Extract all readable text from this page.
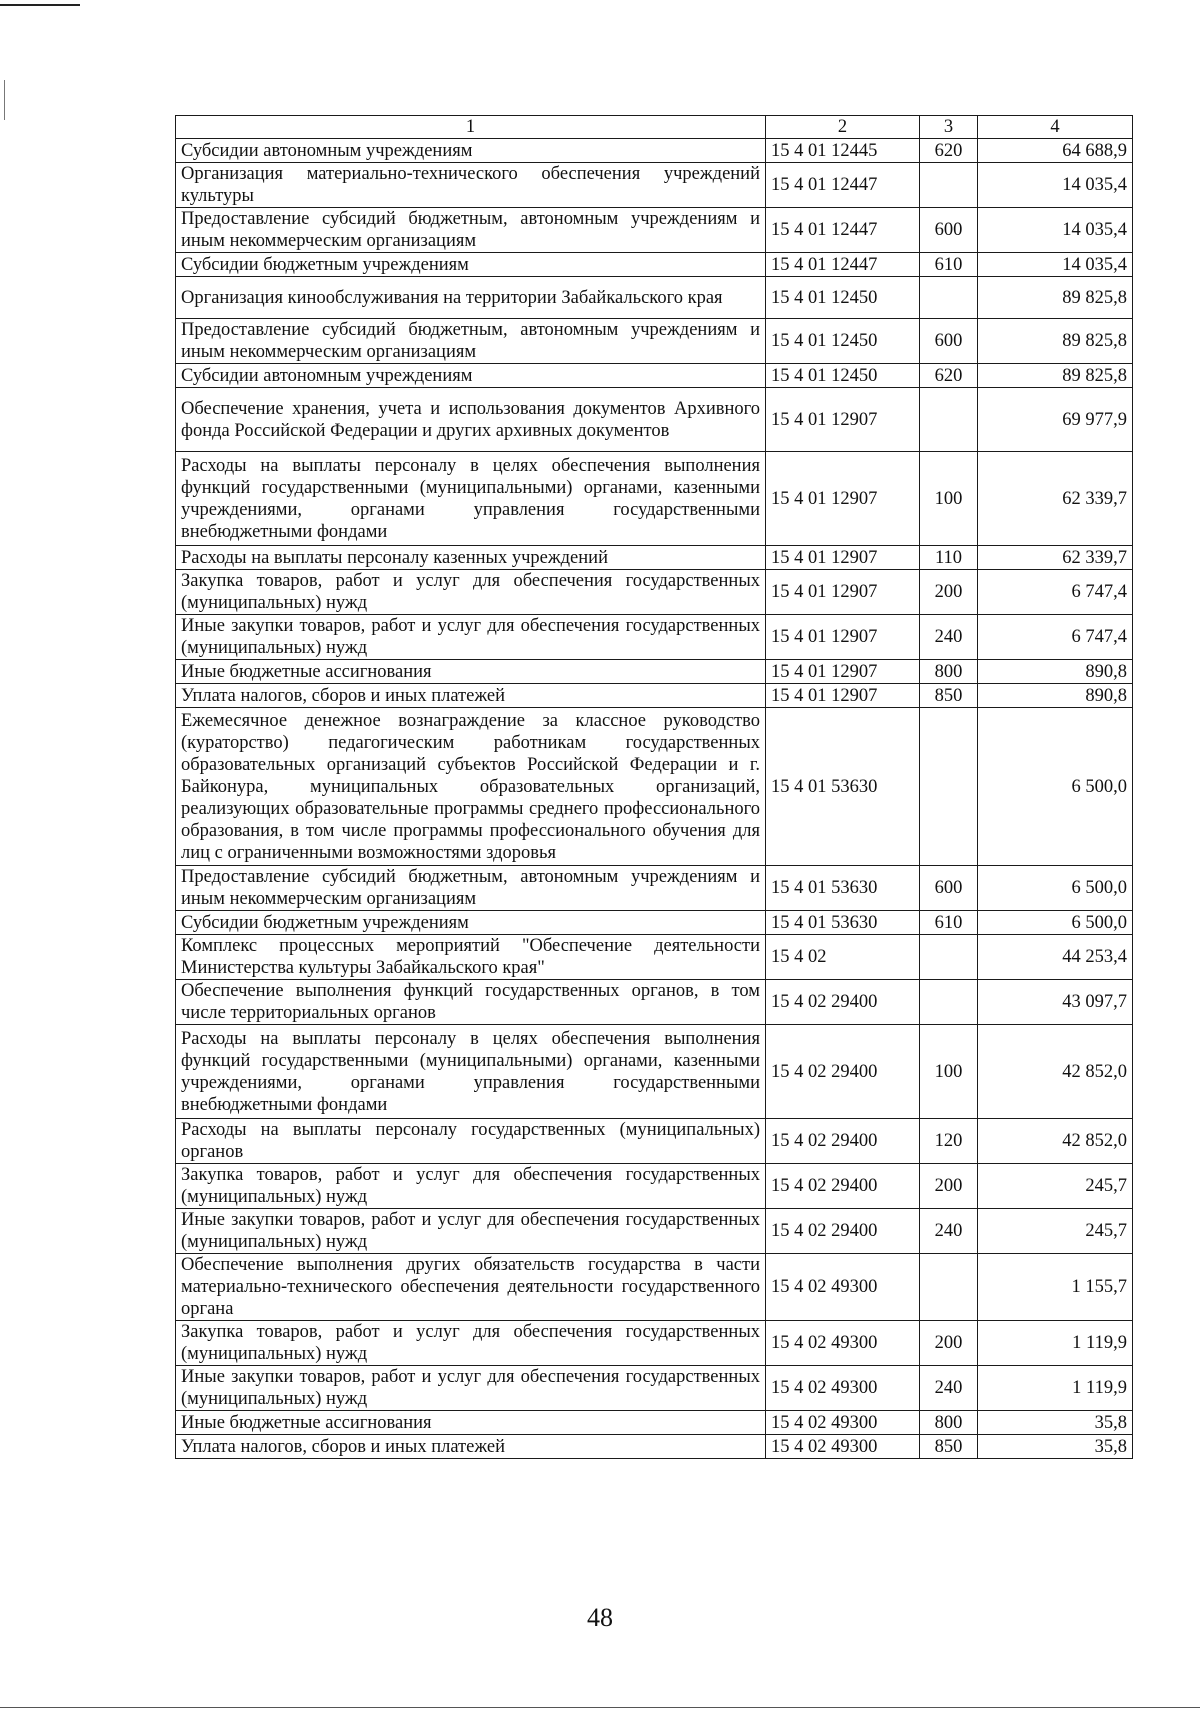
1	2	3	4
Субсидии автономным учреждениям	15 4 01 12445	620	64 688,9
Организация материально-технического обеспечения учреждений культуры	15 4 01 12447		14 035,4
Предоставление субсидий бюджетным, автономным учреждениям и иным некоммерческим организациям	15 4 01 12447	600	14 035,4
Субсидии бюджетным учреждениям	15 4 01 12447	610	14 035,4
Организация кинообслуживания на территории Забайкальского края	15 4 01 12450		89 825,8
Предоставление субсидий бюджетным, автономным учреждениям и иным некоммерческим организациям	15 4 01 12450	600	89 825,8
Субсидии автономным учреждениям	15 4 01 12450	620	89 825,8
Обеспечение хранения, учета и использования документов Архивного фонда Российской Федерации и других архивных документов	15 4 01 12907		69 977,9
Расходы на выплаты персоналу в целях обеспечения выполнения функций государственными (муниципальными) органами, казенными учреждениями, органами управления государственными внебюджетными фондами	15 4 01 12907	100	62 339,7
Расходы на выплаты персоналу казенных учреждений	15 4 01 12907	110	62 339,7
Закупка товаров, работ и услуг для обеспечения государственных (муниципальных) нужд	15 4 01 12907	200	6 747,4
Иные закупки товаров, работ и услуг для обеспечения государственных (муниципальных) нужд	15 4 01 12907	240	6 747,4
Иные бюджетные ассигнования	15 4 01 12907	800	890,8
Уплата налогов, сборов и иных платежей	15 4 01 12907	850	890,8
Ежемесячное денежное вознаграждение за классное руководство (кураторство) педагогическим работникам государственных образовательных организаций субъектов Российской Федерации и г. Байконура, муниципальных образовательных организаций, реализующих образовательные программы среднего профессионального образования, в том числе программы профессионального обучения для лиц с ограниченными возможностями здоровья	15 4 01 53630		6 500,0
Предоставление субсидий бюджетным, автономным учреждениям и иным некоммерческим организациям	15 4 01 53630	600	6 500,0
Субсидии бюджетным учреждениям	15 4 01 53630	610	6 500,0
Комплекс процессных мероприятий "Обеспечение деятельности Министерства культуры Забайкальского края"	15 4 02		44 253,4
Обеспечение выполнения функций государственных органов, в том числе территориальных органов	15 4 02 29400		43 097,7
Расходы на выплаты персоналу в целях обеспечения выполнения функций государственными (муниципальными) органами, казенными учреждениями, органами управления государственными внебюджетными фондами	15 4 02 29400	100	42 852,0
Расходы на выплаты персоналу государственных (муниципальных) органов	15 4 02 29400	120	42 852,0
Закупка товаров, работ и услуг для обеспечения государственных (муниципальных) нужд	15 4 02 29400	200	245,7
Иные закупки товаров, работ и услуг для обеспечения государственных (муниципальных) нужд	15 4 02 29400	240	245,7
Обеспечение выполнения других обязательств государства в части материально-технического обеспечения деятельности государственного органа	15 4 02 49300		1 155,7
Закупка товаров, работ и услуг для обеспечения государственных (муниципальных) нужд	15 4 02 49300	200	1 119,9
Иные закупки товаров, работ и услуг для обеспечения государственных (муниципальных) нужд	15 4 02 49300	240	1 119,9
Иные бюджетные ассигнования	15 4 02 49300	800	35,8
Уплата налогов, сборов и иных платежей	15 4 02 49300	850	35,8
48
